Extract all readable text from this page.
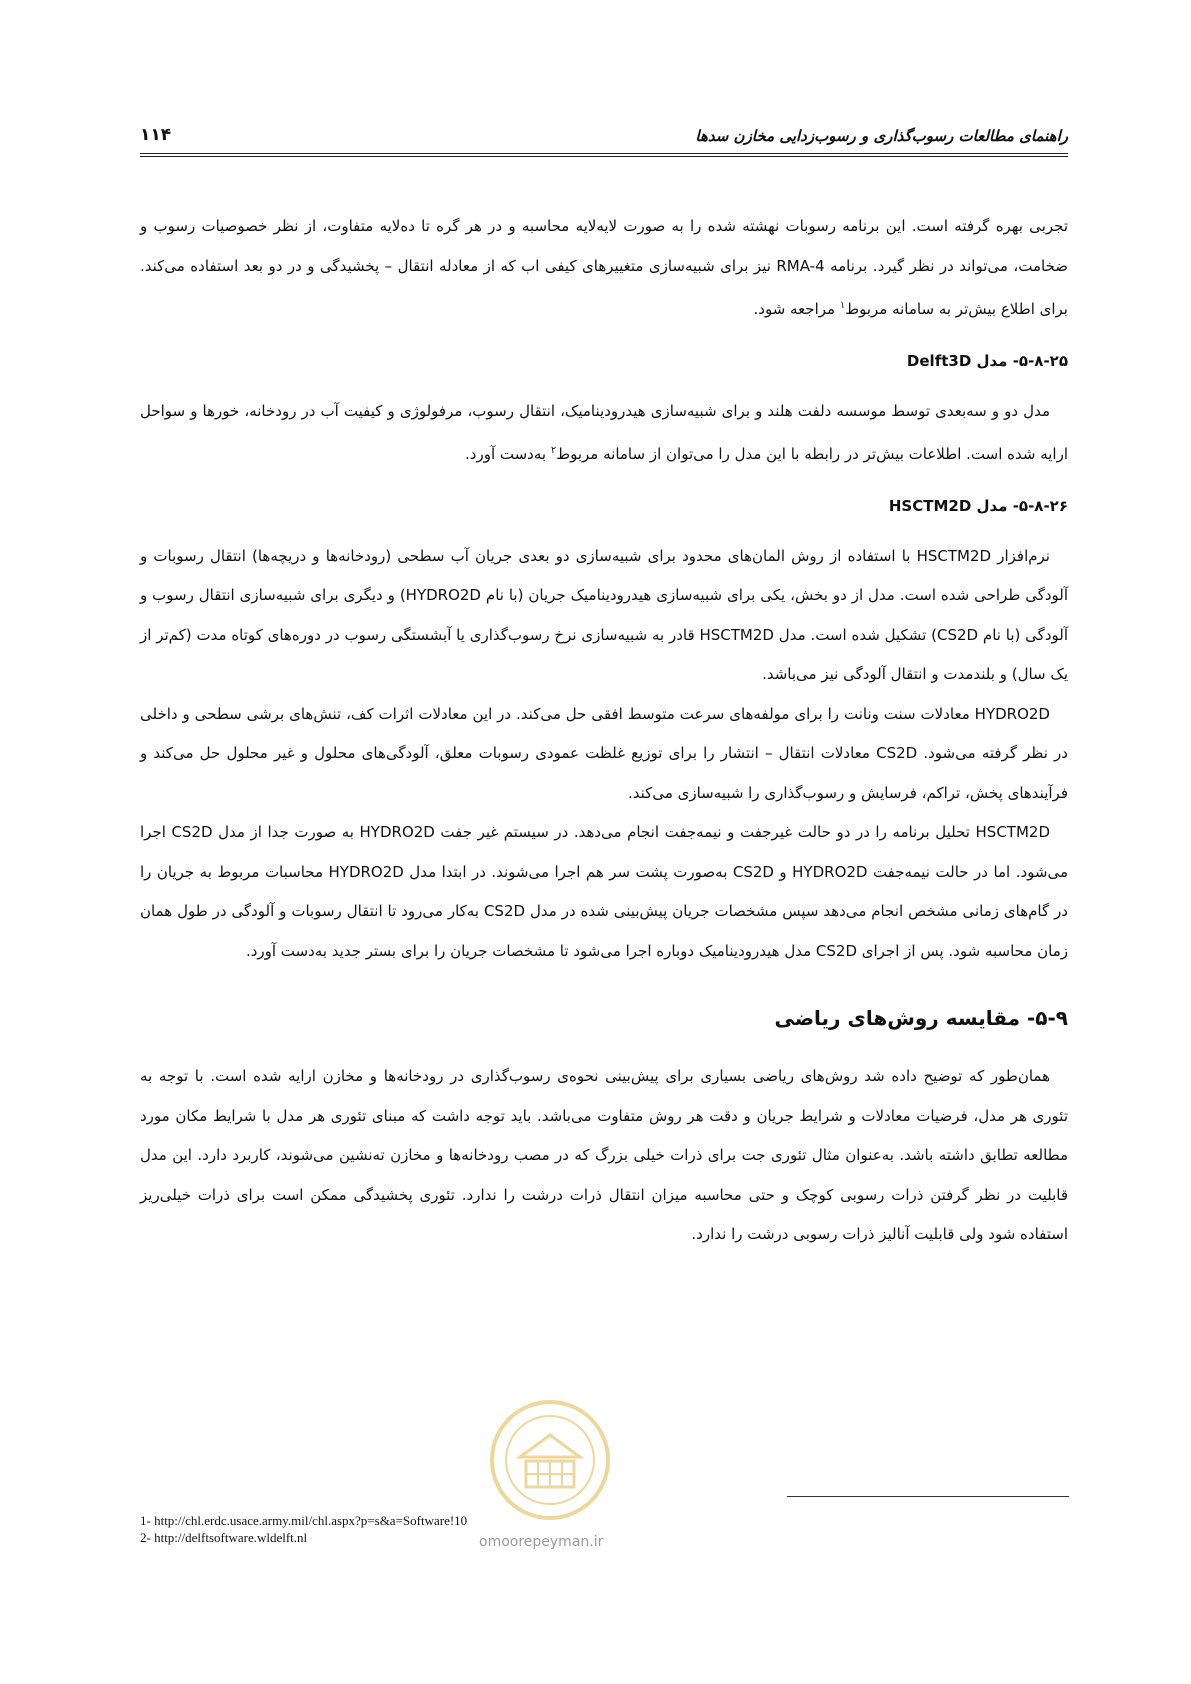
راهنمای مطالعات رسوب‌گذاری و رسوب‌زدایی مخازن سدها
۱۱۴

تجربی بهره گرفته است. این برنامه رسوبات نهشته شده را به صورت لایه‌لایه محاسبه و در هر گره تا ده‌لایه متفاوت، از نظر خصوصیات رسوب و ضخامت، می‌تواند در نظر گیرد. برنامه RMA-4 نیز برای شبیه‌سازی متغییرهای کیفی اب که از معادله انتقال – پخشیدگی و در دو بعد استفاده می‌کند. برای اطلاع بیش‌تر به سامانه مربوط$^۱$ مراجعه شود.

۵-۸-۲۵- مدل Delft3D

مدل دو و سه‌بعدی توسط موسسه دلفت هلند و برای شبیه‌سازی هیدرودینامیک، انتقال رسوب، مرفولوژی و کیفیت آب در رودخانه، خورها و سواحل ارایه شده است. اطلاعات بیش‌تر در رابطه با این مدل را می‌توان از سامانه مربوط$^۲$ به‌دست آورد.

۵-۸-۲۶- مدل HSCTM2D

نرم‌افزار HSCTM2D با استفاده از روش المان‌های محدود برای شبیه‌سازی دو بعدی جریان آب سطحی (رودخانه‌ها و دریچه‌ها) انتقال رسوبات و آلودگی طراحی شده است. مدل از دو بخش، یکی برای شبیه‌سازی هیدرودینامیک جریان (با نام HYDRO2D) و دیگری برای شبیه‌سازی انتقال رسوب و آلودگی (با نام CS2D) تشکیل شده است. مدل HSCTM2D قادر به شبیه‌سازی نرخ رسوب‌گذاری یا آبشستگی رسوب در دوره‌های کوتاه مدت (کم‌تر از یک سال) و بلندمدت و انتقال آلودگی نیز می‌باشد.

HYDRO2D معادلات سنت ونانت را برای مولفه‌های سرعت متوسط افقی حل می‌کند. در این معادلات اثرات کف، تنش‌های برشی سطحی و داخلی در نظر گرفته می‌شود. CS2D معادلات انتقال – انتشار را برای توزیع غلظت عمودی رسوبات معلق، آلودگی‌های محلول و غیر محلول حل می‌کند و فرآیندهای پخش، تراکم، فرسایش و رسوب‌گذاری را شبیه‌سازی می‌کند.

HSCTM2D تحلیل برنامه را در دو حالت غیرجفت و نیمه‌جفت انجام می‌دهد. در سیستم غیر جفت HYDRO2D به صورت جدا از مدل CS2D اجرا می‌شود. اما در حالت نیمه‌جفت HYDRO2D و CS2D به‌صورت پشت سر هم اجرا می‌شوند. در ابتدا مدل HYDRO2D محاسبات مربوط به جریان را در گام‌های زمانی مشخص انجام می‌دهد سپس مشخصات جریان پیش‌بینی شده در مدل CS2D به‌کار می‌رود تا انتقال رسوبات و آلودگی در طول همان زمان محاسبه شود. پس از اجرای CS2D مدل هیدرودینامیک دوباره اجرا می‌شود تا مشخصات جریان را برای بستر جدید به‌دست آورد.

۵-۹- مقایسه روش‌های ریاضی

همان‌طور که توضیح داده شد روش‌های ریاضی بسیاری برای پیش‌بینی نحوه‌ی رسوب‌گذاری در رودخانه‌ها و مخازن ارایه شده است. با توجه به تئوری هر مدل، فرضیات معادلات و شرایط جریان و دقت هر روش متفاوت می‌باشد. باید توجه داشت که مبنای تئوری هر مدل با شرایط مکان مورد مطالعه تطابق داشته باشد. به‌عنوان مثال تئوری جت برای ذرات خیلی بزرگ که در مصب رودخانه‌ها و مخازن ته‌نشین می‌شوند، کاربرد دارد. این مدل قابلیت در نظر گرفتن ذرات رسوبی کوچک و حتی محاسبه میزان انتقال ذرات درشت را ندارد. تئوری پخشیدگی ممکن است برای ذرات خیلی‌ریز استفاده شود ولی قابلیت آنالیز ذرات رسوبی درشت را ندارد.

omoorepeyman.ir
1- http://chl.erdc.usace.army.mil/chl.aspx?p=s&a=Software!10
2- http://delftsoftware.wldelft.nl
